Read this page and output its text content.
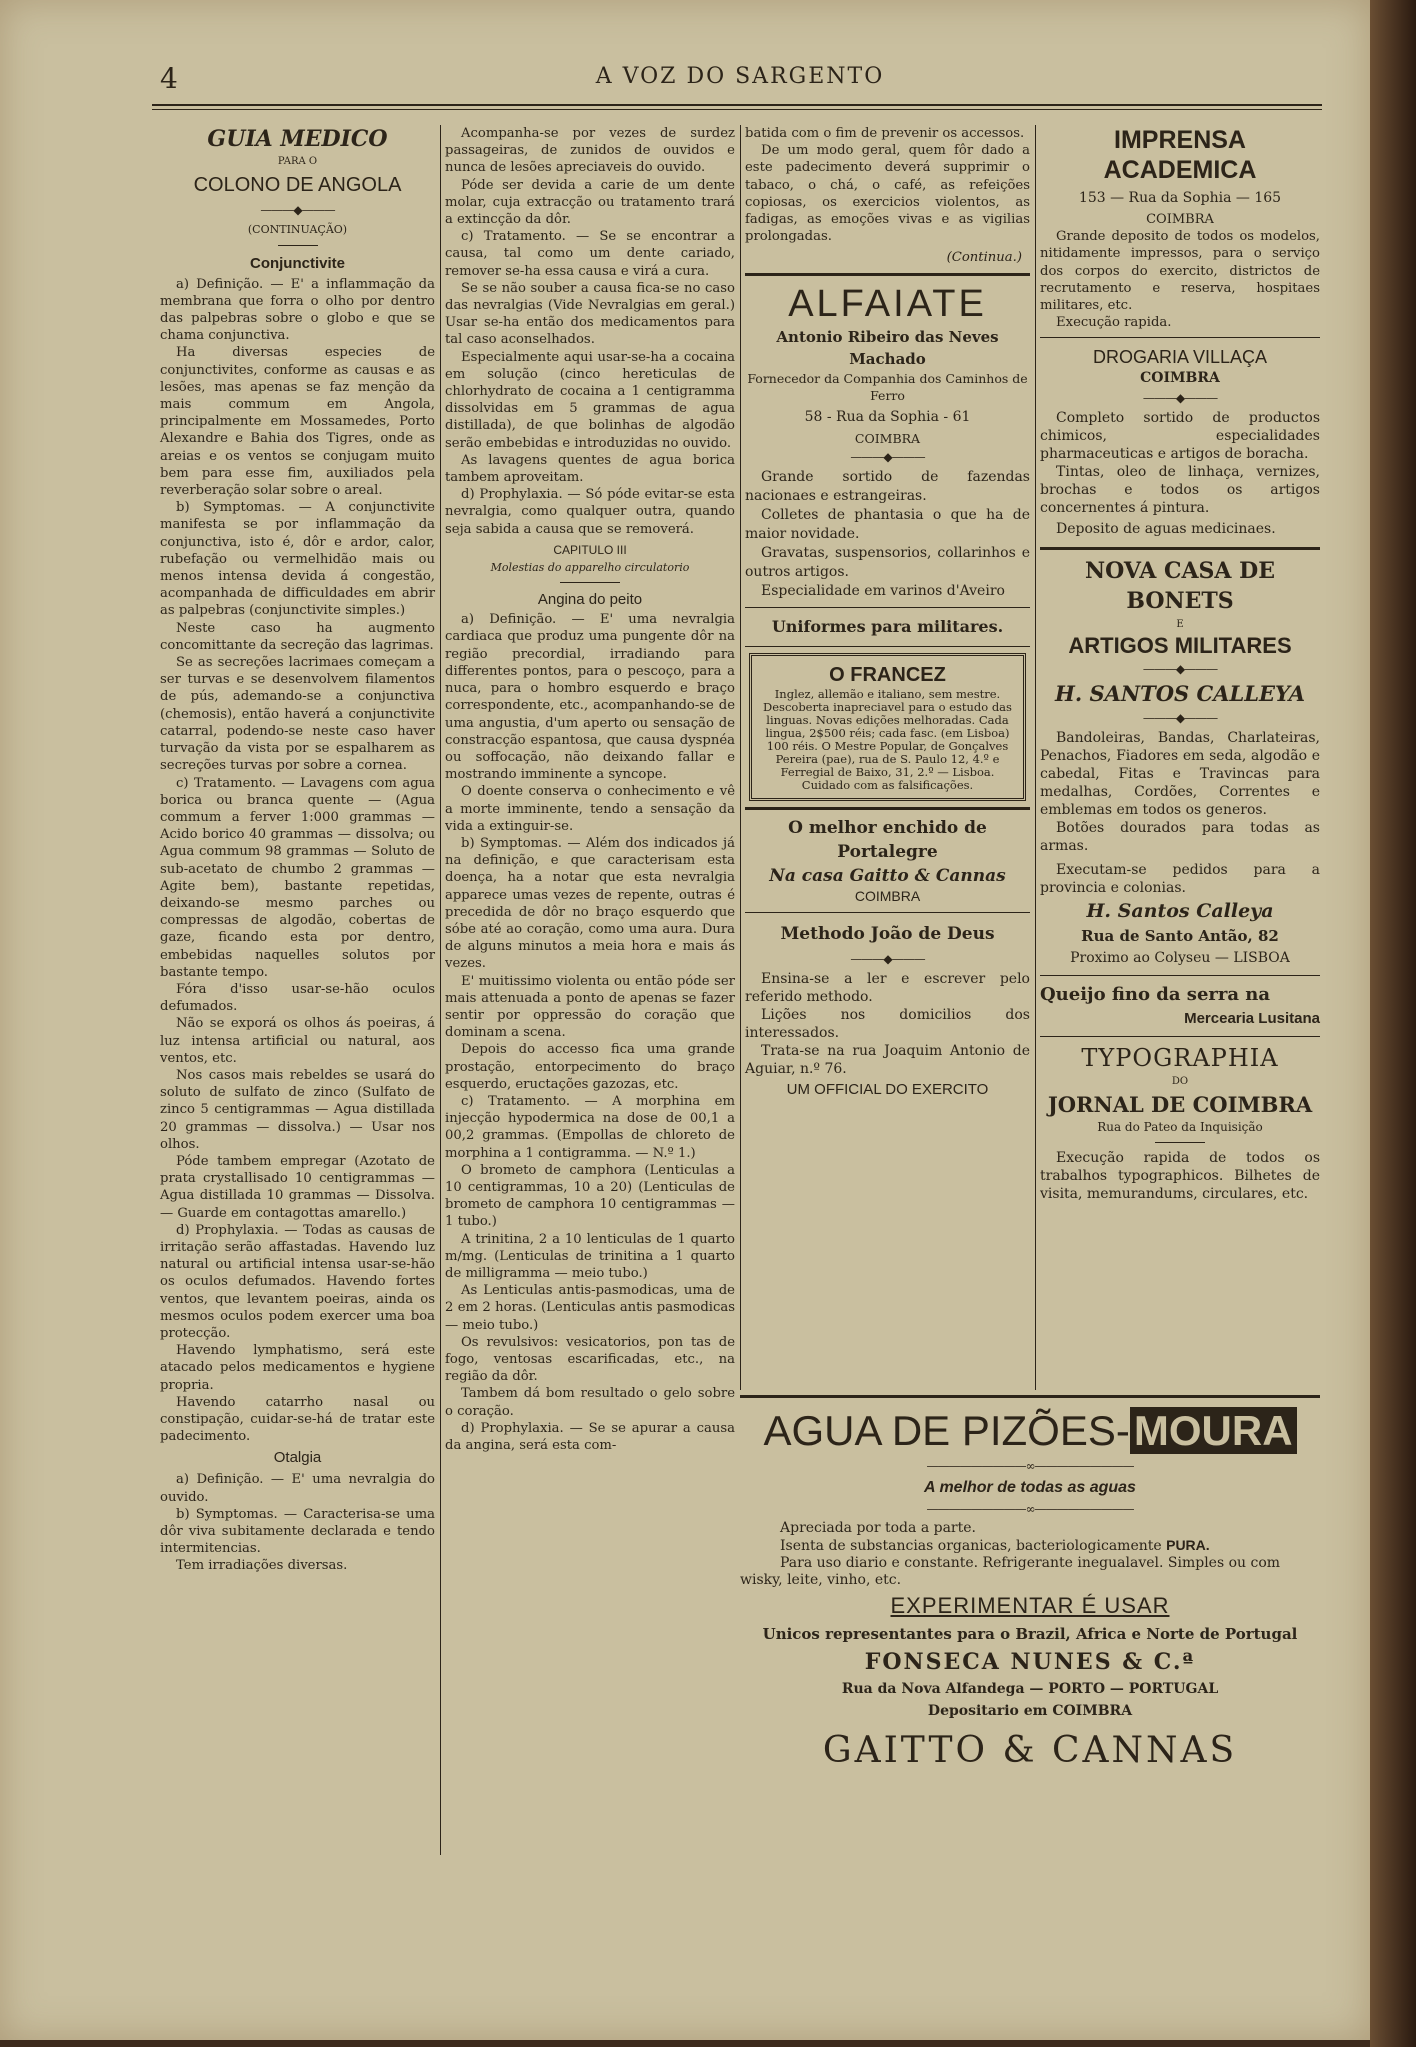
4	A VOZ DO SARGENTO
GUIA MEDICO
PARA O
COLONO DE ANGOLA
———◆———
(CONTINUAÇÃO)
Conjunctivite

a) Definição. — E' a inflammação da membrana que forra o olho por dentro das palpebras sobre o globo e que se chama conjunctiva.

Ha diversas especies de conjunctivites, conforme as causas e as lesões, mas apenas se faz menção da mais commum em Angola, principalmente em Mossamedes, Porto Alexandre e Bahia dos Tigres, onde as areias e os ventos se conjugam muito bem para esse fim, auxiliados pela reverberação solar sobre o areal.

b) Symptomas. — A conjunctivite manifesta se por inflammação da conjunctiva, isto é, dôr e ardor, calor, rubefação ou vermelhidão mais ou menos intensa devida á congestão, acompanhada de difficuldades em abrir as palpebras (conjunctivite simples.)

Neste caso ha augmento concomittante da secreção das lagrimas.

Se as secreções lacrimaes começam a ser turvas e se desenvolvem filamentos de pús, ademando-se a conjunctiva (chemosis), então haverá a conjunctivite catarral, podendo-se neste caso haver turvação da vista por se espalharem as secreções turvas por sobre a cornea.

c) Tratamento. — Lavagens com agua borica ou branca quente — (Agua commum a ferver 1:000 grammas — Acido borico 40 grammas — dissolva; ou Agua commum 98 grammas — Soluto de sub-acetato de chumbo 2 grammas — Agite bem), bastante repetidas, deixando-se mesmo parches ou compressas de algodão, cobertas de gaze, ficando esta por dentro, embebidas naquelles solutos por bastante tempo.

Fóra d'isso usar-se-hão oculos defumados.

Não se exporá os olhos ás poeiras, á luz intensa artificial ou natural, aos ventos, etc.

Nos casos mais rebeldes se usará do soluto de sulfato de zinco (Sulfato de zinco 5 centigrammas — Agua distillada 20 grammas — dissolva.) — Usar nos olhos.

Póde tambem empregar (Azotato de prata crystallisado 10 centigrammas — Agua distillada 10 grammas — Dissolva. — Guarde em contagottas amarello.)

d) Prophylaxia. — Todas as causas de irritação serão affastadas. Havendo luz natural ou artificial intensa usar-se-hão os oculos defumados. Havendo fortes ventos, que levantem poeiras, ainda os mesmos oculos podem exercer uma boa protecção.

Havendo lymphatismo, será este atacado pelos medicamentos e hygiene propria.

Havendo catarrho nasal ou constipação, cuidar-se-há de tratar este padecimento.

Otalgia

a) Definição. — E' uma nevralgia do ouvido.

b) Symptomas. — Caracterisa-se uma dôr viva subitamente declarada e tendo intermitencias.

Tem irradiações diversas.

Acompanha-se por vezes de surdez passageiras, de zunidos de ouvidos e nunca de lesões apreciaveis do ouvido.

Póde ser devida a carie de um dente molar, cuja extracção ou tratamento trará a extincção da dôr.

c) Tratamento. — Se se encontrar a causa, tal como um dente cariado, remover se-ha essa causa e virá a cura.

Se se não souber a causa fica-se no caso das nevralgias (Vide Nevralgias em geral.) Usar se-ha então dos medicamentos para tal caso aconselhados.

Especialmente aqui usar-se-ha a cocaina em solução (cinco hereticulas de chlorhydrato de cocaina a 1 centigramma dissolvidas em 5 grammas de agua distillada), de que bolinhas de algodão serão embebidas e introduzidas no ouvido.

As lavagens quentes de agua borica tambem aproveitam.

d) Prophylaxia. — Só póde evitar-se esta nevralgia, como qualquer outra, quando seja sabida a causa que se removerá.

CAPITULO III
Molestias do apparelho circulatorio
Angina do peito

a) Definição. — E' uma nevralgia cardiaca que produz uma pungente dôr na região precordial, irradiando para differentes pontos, para o pescoço, para a nuca, para o hombro esquerdo e braço correspondente, etc., acompanhando-se de uma angustia, d'um aperto ou sensação de constracção espantosa, que causa dyspnéa ou soffocação, não deixando fallar e mostrando imminente a syncope.

O doente conserva o conhecimento e vê a morte imminente, tendo a sensação da vida a extinguir-se.

b) Symptomas. — Além dos indicados já na definição, e que caracterisam esta doença, ha a notar que esta nevralgia apparece umas vezes de repente, outras é precedida de dôr no braço esquerdo que sóbe até ao coração, como uma aura. Dura de alguns minutos a meia hora e mais ás vezes.

E' muitissimo violenta ou então póde ser mais attenuada a ponto de apenas se fazer sentir por oppressão do coração que dominam a scena.

Depois do accesso fica uma grande prostação, entorpecimento do braço esquerdo, eructações gazozas, etc.

c) Tratamento. — A morphina em injecção hypodermica na dose de 00,1 a 00,2 grammas. (Empollas de chloreto de morphina a 1 contigramma. — N.º 1.)

O brometo de camphora (Lenticulas a 10 centigrammas, 10 a 20) (Lenticulas de brometo de camphora 10 centigrammas — 1 tubo.)

A trinitina, 2 a 10 lenticulas de 1 quarto m/mg. (Lenticulas de trinitina a 1 quarto de milligramma — meio tubo.)

As Lenticulas antis-pasmodicas, uma de 2 em 2 horas. (Lenticulas antis pasmodicas — meio tubo.)

Os revulsivos: vesicatorios, pon tas de fogo, ventosas escarificadas, etc., na região da dôr.

Tambem dá bom resultado o gelo sobre o coração.

d) Prophylaxia. — Se se apurar a causa da angina, será esta com-

batida com o fim de prevenir os accessos.

De um modo geral, quem fôr dado a este padecimento deverá supprimir o tabaco, o chá, o café, as refeições copiosas, os exercicios violentos, as fadigas, as emoções vivas e as vigilias prolongadas.

(Continua.)
ALFAIATE
Antonio Ribeiro das Neves Machado
Fornecedor da Companhia dos Caminhos de Ferro
58 - Rua da Sophia - 61
COIMBRA
———◆———

Grande sortido de fazendas nacionaes e estrangeiras.

Colletes de phantasia o que ha de maior novidade.

Gravatas, suspensorios, collarinhos e outros artigos.

Especialidade em varinos d'Aveiro

Uniformes para militares.
O FRANCEZ
Inglez, allemão e italiano, sem mestre. Descoberta inapreciavel para o estudo das linguas. Novas edições melhoradas. Cada lingua, 2$500 réis; cada fasc. (em Lisboa) 100 réis. O Mestre Popular, de Gonçalves Pereira (pae), rua de S. Paulo 12, 4.º e Ferregial de Baixo, 31, 2.º — Lisboa. Cuidado com as falsificações.
O melhor enchido de Portalegre
Na casa Gaitto & Cannas
COIMBRA
Methodo João de Deus
———◆———

Ensina-se a ler e escrever pelo referido methodo.

Lições nos domicilios dos interessados.

Trata-se na rua Joaquim Antonio de Aguiar, n.º 76.

UM OFFICIAL DO EXERCITO
IMPRENSA ACADEMICA
153 — Rua da Sophia — 165
COIMBRA

Grande deposito de todos os modelos, nitidamente impressos, para o serviço dos corpos do exercito, districtos de recrutamento e reserva, hospitaes militares, etc.

Execução rapida.

DROGARIA VILLAÇA
COIMBRA
———◆———

Completo sortido de productos chimicos, especialidades pharmaceuticas e artigos de boracha.

Tintas, oleo de linhaça, vernizes, brochas e todos os artigos concernentes á pintura.

Deposito de aguas medicinaes.

NOVA CASA DE BONETS
E
ARTIGOS MILITARES
———◆———
H. SANTOS CALLEYA
———◆———

Bandoleiras, Bandas, Charlateiras, Penachos, Fiadores em seda, algodão e cabedal, Fitas e Travincas para medalhas, Cordões, Correntes e emblemas em todos os generos.

Botões dourados para todas as armas.

Executam-se pedidos para a provincia e colonias.

H. Santos Calleya
Rua de Santo Antão, 82
Proximo ao Colyseu — LISBOA
Queijo fino da serra na
Mercearia Lusitana
TYPOGRAPHIA
DO
JORNAL DE COIMBRA
Rua do Pateo da Inquisição

Execução rapida de todos os trabalhos typographicos. Bilhetes de visita, memurandums, circulares, etc.

AGUA DE PIZÕES-MOURA
—————————∞—————————
A melhor de todas as aguas
—————————∞—————————
Apreciada por toda a parte.
Isenta de substancias organicas, bacteriologicamente PURA.
Para uso diario e constante. Refrigerante inegualavel. Simples ou com wisky, leite, vinho, etc.
EXPERIMENTAR É USAR
Unicos representantes para o Brazil, Africa e Norte de Portugal
FONSECA NUNES & C.ª
Rua da Nova Alfandega — PORTO — PORTUGAL
Depositario em COIMBRA
GAITTO & CANNAS
